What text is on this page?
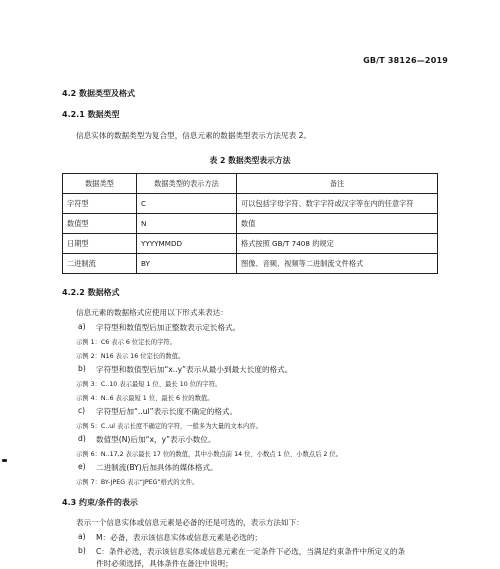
GB/T 38126—2019
4.2 数据类型及格式
4.2.1 数据类型
信息实体的数据类型为复合型，信息元素的数据类型表示方法见表 2。
表 2 数据类型表示方法
数据类型	数据类型的表示方法	备注
字符型	C	可以包括字母字符、数字字符或汉字等在内的任意字符
数值型	N	数值
日期型	YYYYMMDD	格式按照 GB/T 7408 的规定
二进制流	BY	图像、音频、视频等二进制流文件格式
4.2.2 数据格式
信息元素的数据格式应使用以下形式来表达：
a) 字符型和数值型后加正整数表示定长格式。
示例 1：C6 表示 6 位定长的字符。
示例 2：N16 表示 16 位定长的数值。
b) 字符型和数值型后加“x..y”表示从最小到最大长度的格式。
示例 3：C..10 表示最短 1 位、最长 10 位的字符。
示例 4：N..6 表示最短 1 位、最长 6 位的数值。
c) 字符型后加“..ul”表示长度不确定的格式。
示例 5：C..ul 表示长度不确定的字符，一般多为大量的文本内容。
d) 数值型(N)后加“x，y”表示小数位。
示例 6：N..17,2 表示最长 17 位的数值，其中小数点前 14 位、小数点 1 位、小数点后 2 位。
e) 二进制流(BY)后加具体的媒体格式。
示例 7：BY-JPEG 表示“JPEG”格式的文件。
4.3 约束/条件的表示
表示一个信息实体或信息元素是必备的还是可选的，表示方法如下：
a) M：必备，表示该信息实体或信息元素是必选的；
b) C：条件必选，表示该信息实体或信息元素在一定条件下必选，当满足约束条件中所定义的条
件时必须选择，具体条件在备注中说明；
